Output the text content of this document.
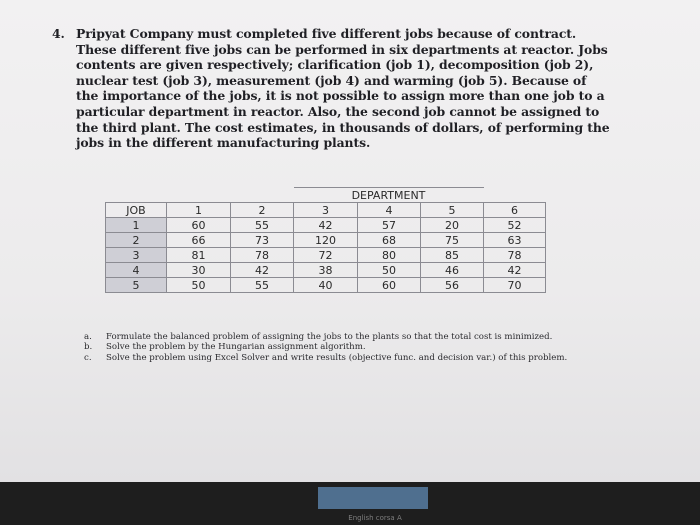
4. Pripyat Company must completed five different jobs because of contract. These different five jobs can be performed in six departments at reactor. Jobs contents are given respectively; clarification (job 1), decomposition (job 2), nuclear test (job 3), measurement (job 4) and warming (job 5). Because of the importance of the jobs, it is not possible to assign more than one job to a particular department in reactor. Also, the second job cannot be assigned to the third plant. The cost estimates, in thousands of dollars, of performing the jobs in the different manufacturing plants.
			DEPARTMENT				
JOB	1	2	3	4	5	6	
1	60	55	42	57	20	52	
2	66	73	120	68	75	63	
3	81	78	72	80	85	78	
4	30	42	38	50	46	42	
5	50	55	40	60	56	70	
a. Formulate the balanced problem of assigning the jobs to the plants so that the total cost is minimized.
b. Solve the problem by the Hungarian assignment algorithm.
c. Solve the problem using Excel Solver and write results (objective func. and decision var.) of this problem.
English corsa A
